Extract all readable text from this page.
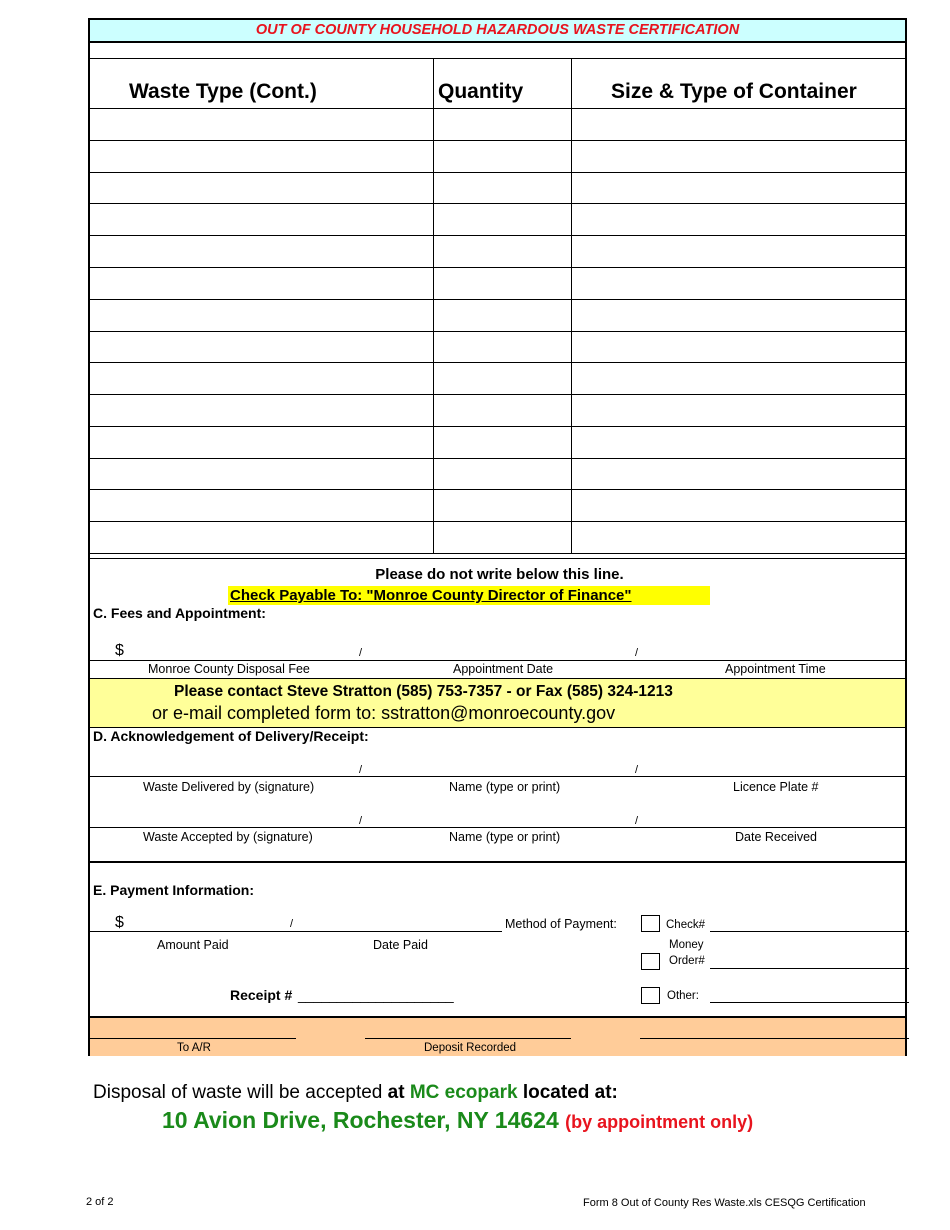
OUT OF COUNTY HOUSEHOLD HAZARDOUS WASTE CERTIFICATION
Waste Type (Cont.)	Quantity	Size & Type of Container
Please do not write below this line.
Check Payable To: "Monroe County Director of Finance"
C. Fees and Appointment:
$	/	/
Monroe County Disposal Fee	Appointment Date	Appointment Time
Please contact Steve Stratton (585) 753-7357 - or Fax (585) 324-1213
or e-mail completed form to: sstratton@monroecounty.gov
D. Acknowledgement of Delivery/Receipt:
/	/
Waste Delivered by (signature)	Name (type or print)	Licence Plate #
/	/
Waste Accepted by (signature)	Name (type or print)	Date Received
E. Payment Information:
$	/	Method of Payment:	Check#
Amount Paid	Date Paid	Money
Order#
Receipt # ____________________	Other:
To A/R	Deposit Recorded
Disposal of waste will be accepted at MC ecopark located at:
10 Avion Drive, Rochester, NY 14624 (by appointment only)
2 of 2	Form 8 Out of County Res Waste.xls CESQG Certification
